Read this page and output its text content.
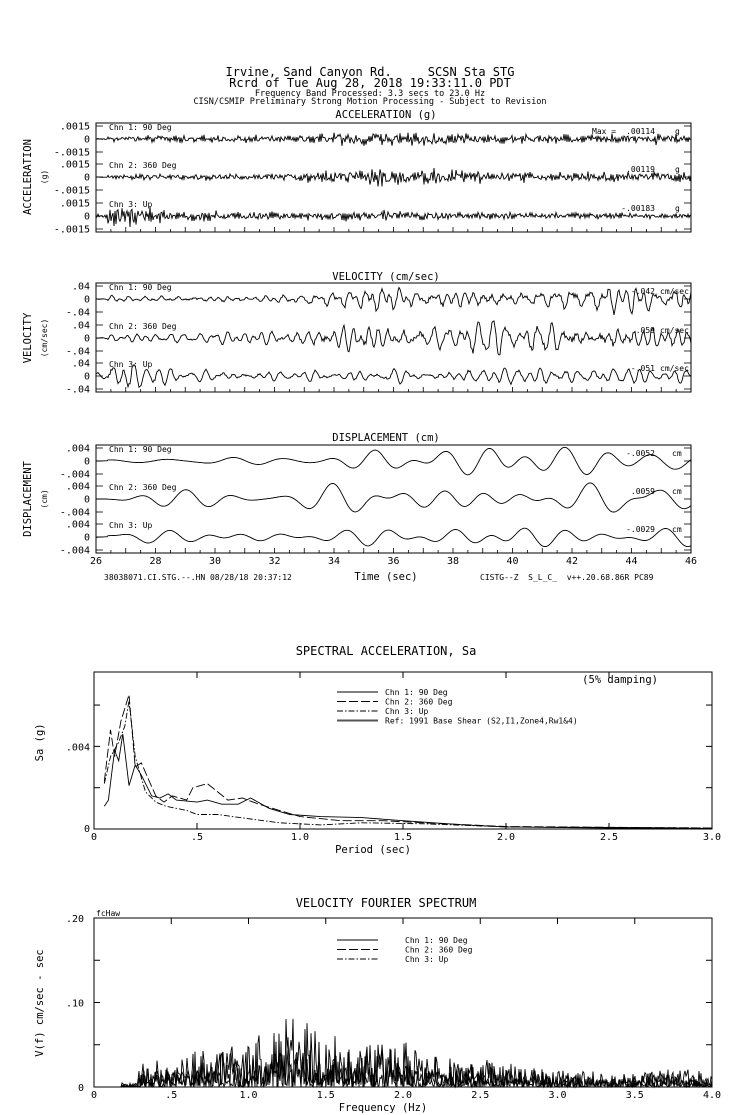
Irvine, Sand Canyon Rd.     SCSN Sta STG
Rcrd of Tue Aug 28, 2018 19:33:11.0 PDT
Frequency Band Processed: 3.3 secs to 23.0 Hz
CISN/CSMIP Preliminary Strong Motion Processing - Subject to Revision
ACCELERATION (g)
ACCELERATION (g)
.0015
0
-.0015
Chn 1: 90 Deg	Max = .00114	g
.0015
0
-.0015
Chn 2: 360 Deg	.00119	g
.0015
0
-.0015
Chn 3: Up	-.00183	g
VELOCITY (cm/sec)
VELOCITY (cm/sec)
.04
0
-.04
Chn 1: 90 Deg	-.042 cm/sec
.04
0
-.04
Chn 2: 360 Deg	.059 cm/sec
.04
0
-.04
Chn 3: Up	-.051 cm/sec
DISPLACEMENT (cm)
DISPLACEMENT (cm)
26	28	30	32	34	36	38	40	42	44	46
.004
0
-.004
Chn 1: 90 Deg	-.0052 cm
.004
0
-.004
Chn 2: 360 Deg	.0059 cm
.004
0
-.004
Chn 3: Up	-.0029 cm
38038071.CI.STG.--.HN 08/28/18 20:37:12	Time (sec)	CISTG--Z  S_L_C_  v++.20.68.86R PC89
SPECTRAL ACCELERATION, Sa
(5% damping)
0	.5	1.0	1.5	2.0	2.5	3.0
0
.004
Sa (g)
Period (sec)
Chn 1: 90 Deg
Chn 2: 360 Deg
Chn 3: Up
Ref: 1991 Base Shear (S2,I1,Zone4,Rw1&4)
VELOCITY FOURIER SPECTRUM
fcHaw
0	.5	1.0	1.5	2.0	2.5	3.0	3.5	4.0
0
.10
.20
V(f) cm/sec - sec
Frequency (Hz)
Chn 1: 90 Deg
Chn 2: 360 Deg
Chn 3: Up
